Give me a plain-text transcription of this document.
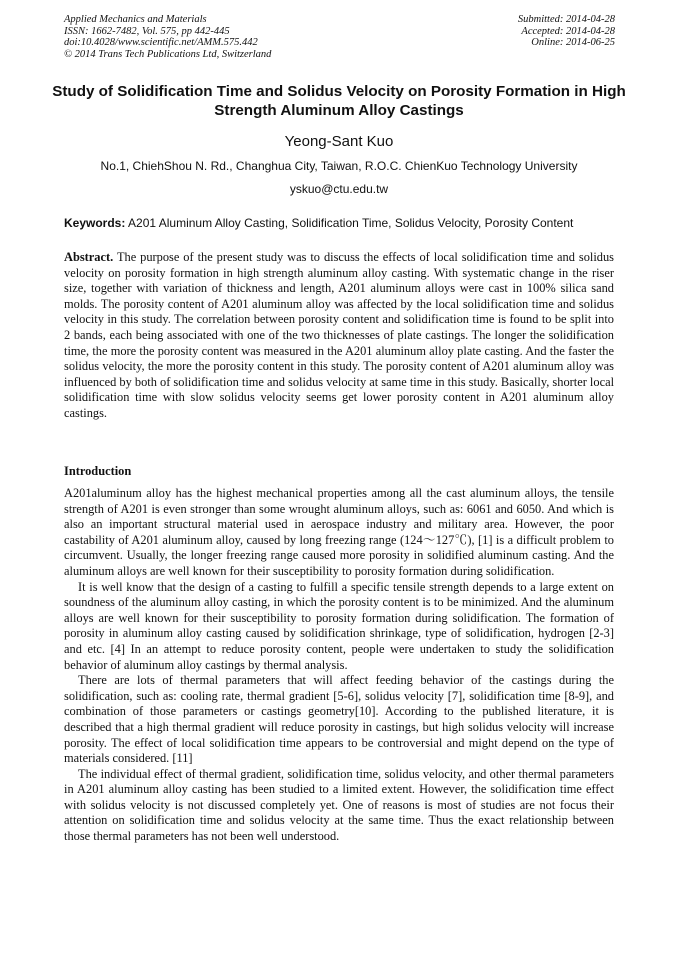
Applied Mechanics and Materials
ISSN: 1662-7482, Vol. 575, pp 442-445
doi:10.4028/www.scientific.net/AMM.575.442
© 2014 Trans Tech Publications Ltd, Switzerland
Submitted: 2014-04-28
Accepted: 2014-04-28
Online: 2014-06-25
Study of Solidification Time and Solidus Velocity on Porosity Formation in High Strength Aluminum Alloy Castings
Yeong-Sant Kuo
No.1, ChiehShou N. Rd., Changhua City, Taiwan, R.O.C. ChienKuo Technology University
yskuo@ctu.edu.tw
Keywords: A201 Aluminum Alloy Casting, Solidification Time, Solidus Velocity, Porosity Content
Abstract. The purpose of the present study was to discuss the effects of local solidification time and solidus velocity on porosity formation in high strength aluminum alloy casting. With systematic change in the riser size, together with variation of thickness and length, A201 aluminum alloys were cast in 100% silica sand molds. The porosity content of A201 aluminum alloy was affected by the local solidification time and solidus velocity in this study. The correlation between porosity content and solidification time is found to be split into 2 bands, each being associated with one of the two thicknesses of plate castings. The longer the solidification time, the more the porosity content was measured in the A201 aluminum alloy plate casting. And the faster the solidus velocity, the more the porosity content in this study. The porosity content of A201 aluminum alloy was influenced by both of solidification time and solidus velocity at same time in this study. Basically, shorter local solidification time with slow solidus velocity seems get lower porosity content in A201 aluminum alloy castings.
Introduction

A201aluminum alloy has the highest mechanical properties among all the cast aluminum alloys, the tensile strength of A201 is even stronger than some wrought aluminum alloys, such as: 6061 and 6050. And which is also an important structural material used in aerospace industry and military area. However, the poor castability of A201 aluminum alloy, caused by long freezing range (124～127℃), [1] is a difficult problem to circumvent. Usually, the longer freezing range caused more porosity in solidified aluminum casting. And the aluminum alloys are well known for their susceptibility to porosity formation during solidification.

It is well know that the design of a casting to fulfill a specific tensile strength depends to a large extent on soundness of the aluminum alloy casting, in which the porosity content is to be minimized. And the aluminum alloys are well known for their susceptibility to porosity formation during solidification. The formation of porosity in aluminum alloy casting caused by solidification shrinkage, type of solidification, hydrogen [2-3] and etc. [4] In an attempt to reduce porosity content, people were undertaken to study the solidification behavior of aluminum alloy castings by thermal analysis.

There are lots of thermal parameters that will affect feeding behavior of the castings during the solidification, such as: cooling rate, thermal gradient [5-6], solidus velocity [7], solidification time [8-9], and combination of those parameters or castings geometry[10]. According to the published literature, it is described that a high thermal gradient will reduce porosity in castings, but high solidus velocity will increase porosity. The effect of local solidification time appears to be controversial and might depend on the type of materials considered. [11]

The individual effect of thermal gradient, solidification time, solidus velocity, and other thermal parameters in A201 aluminum alloy casting has been studied to a limited extent. However, the solidification time effect with solidus velocity is not discussed completely yet. One of reasons is most of studies are not focus their attention on solidification time and solidus velocity at the same time. Thus the exact relationship between those thermal parameters has not been well understood.
